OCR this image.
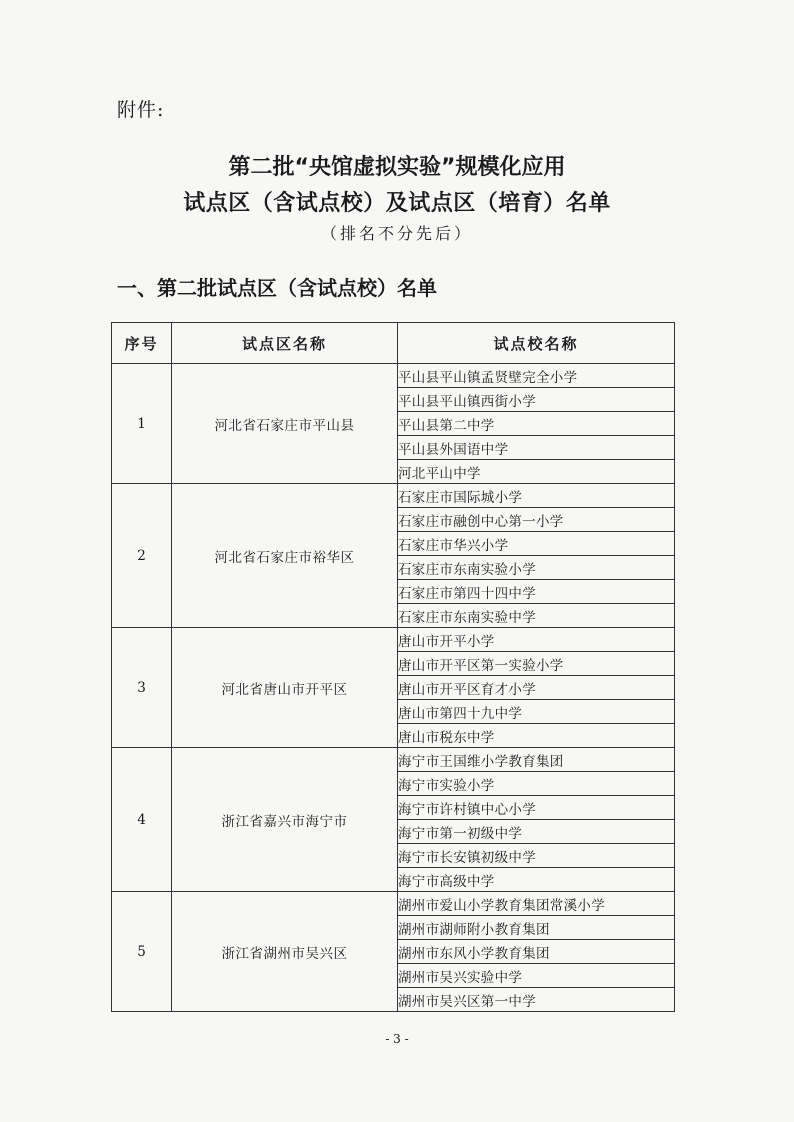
附件:
第二批“央馆虚拟实验”规模化应用
试点区（含试点校）及试点区（培育）名单
（排名不分先后）
一、第二批试点区（含试点校）名单
序号	试点区名称	试点校名称
1	河北省石家庄市平山县	平山县平山镇孟贤壁完全小学
		平山县平山镇西街小学
		平山县第二中学
		平山县外国语中学
		河北平山中学
2	河北省石家庄市裕华区	石家庄市国际城小学
		石家庄市融创中心第一小学
		石家庄市华兴小学
		石家庄市东南实验小学
		石家庄市第四十四中学
		石家庄市东南实验中学
3	河北省唐山市开平区	唐山市开平小学
		唐山市开平区第一实验小学
		唐山市开平区育才小学
		唐山市第四十九中学
		唐山市税东中学
4	浙江省嘉兴市海宁市	海宁市王国维小学教育集团
		海宁市实验小学
		海宁市许村镇中心小学
		海宁市第一初级中学
		海宁市长安镇初级中学
		海宁市高级中学
5	浙江省湖州市吴兴区	湖州市爱山小学教育集团常溪小学
		湖州市湖师附小教育集团
		湖州市东风小学教育集团
		湖州市吴兴实验中学
		湖州市吴兴区第一中学
- 3 -
